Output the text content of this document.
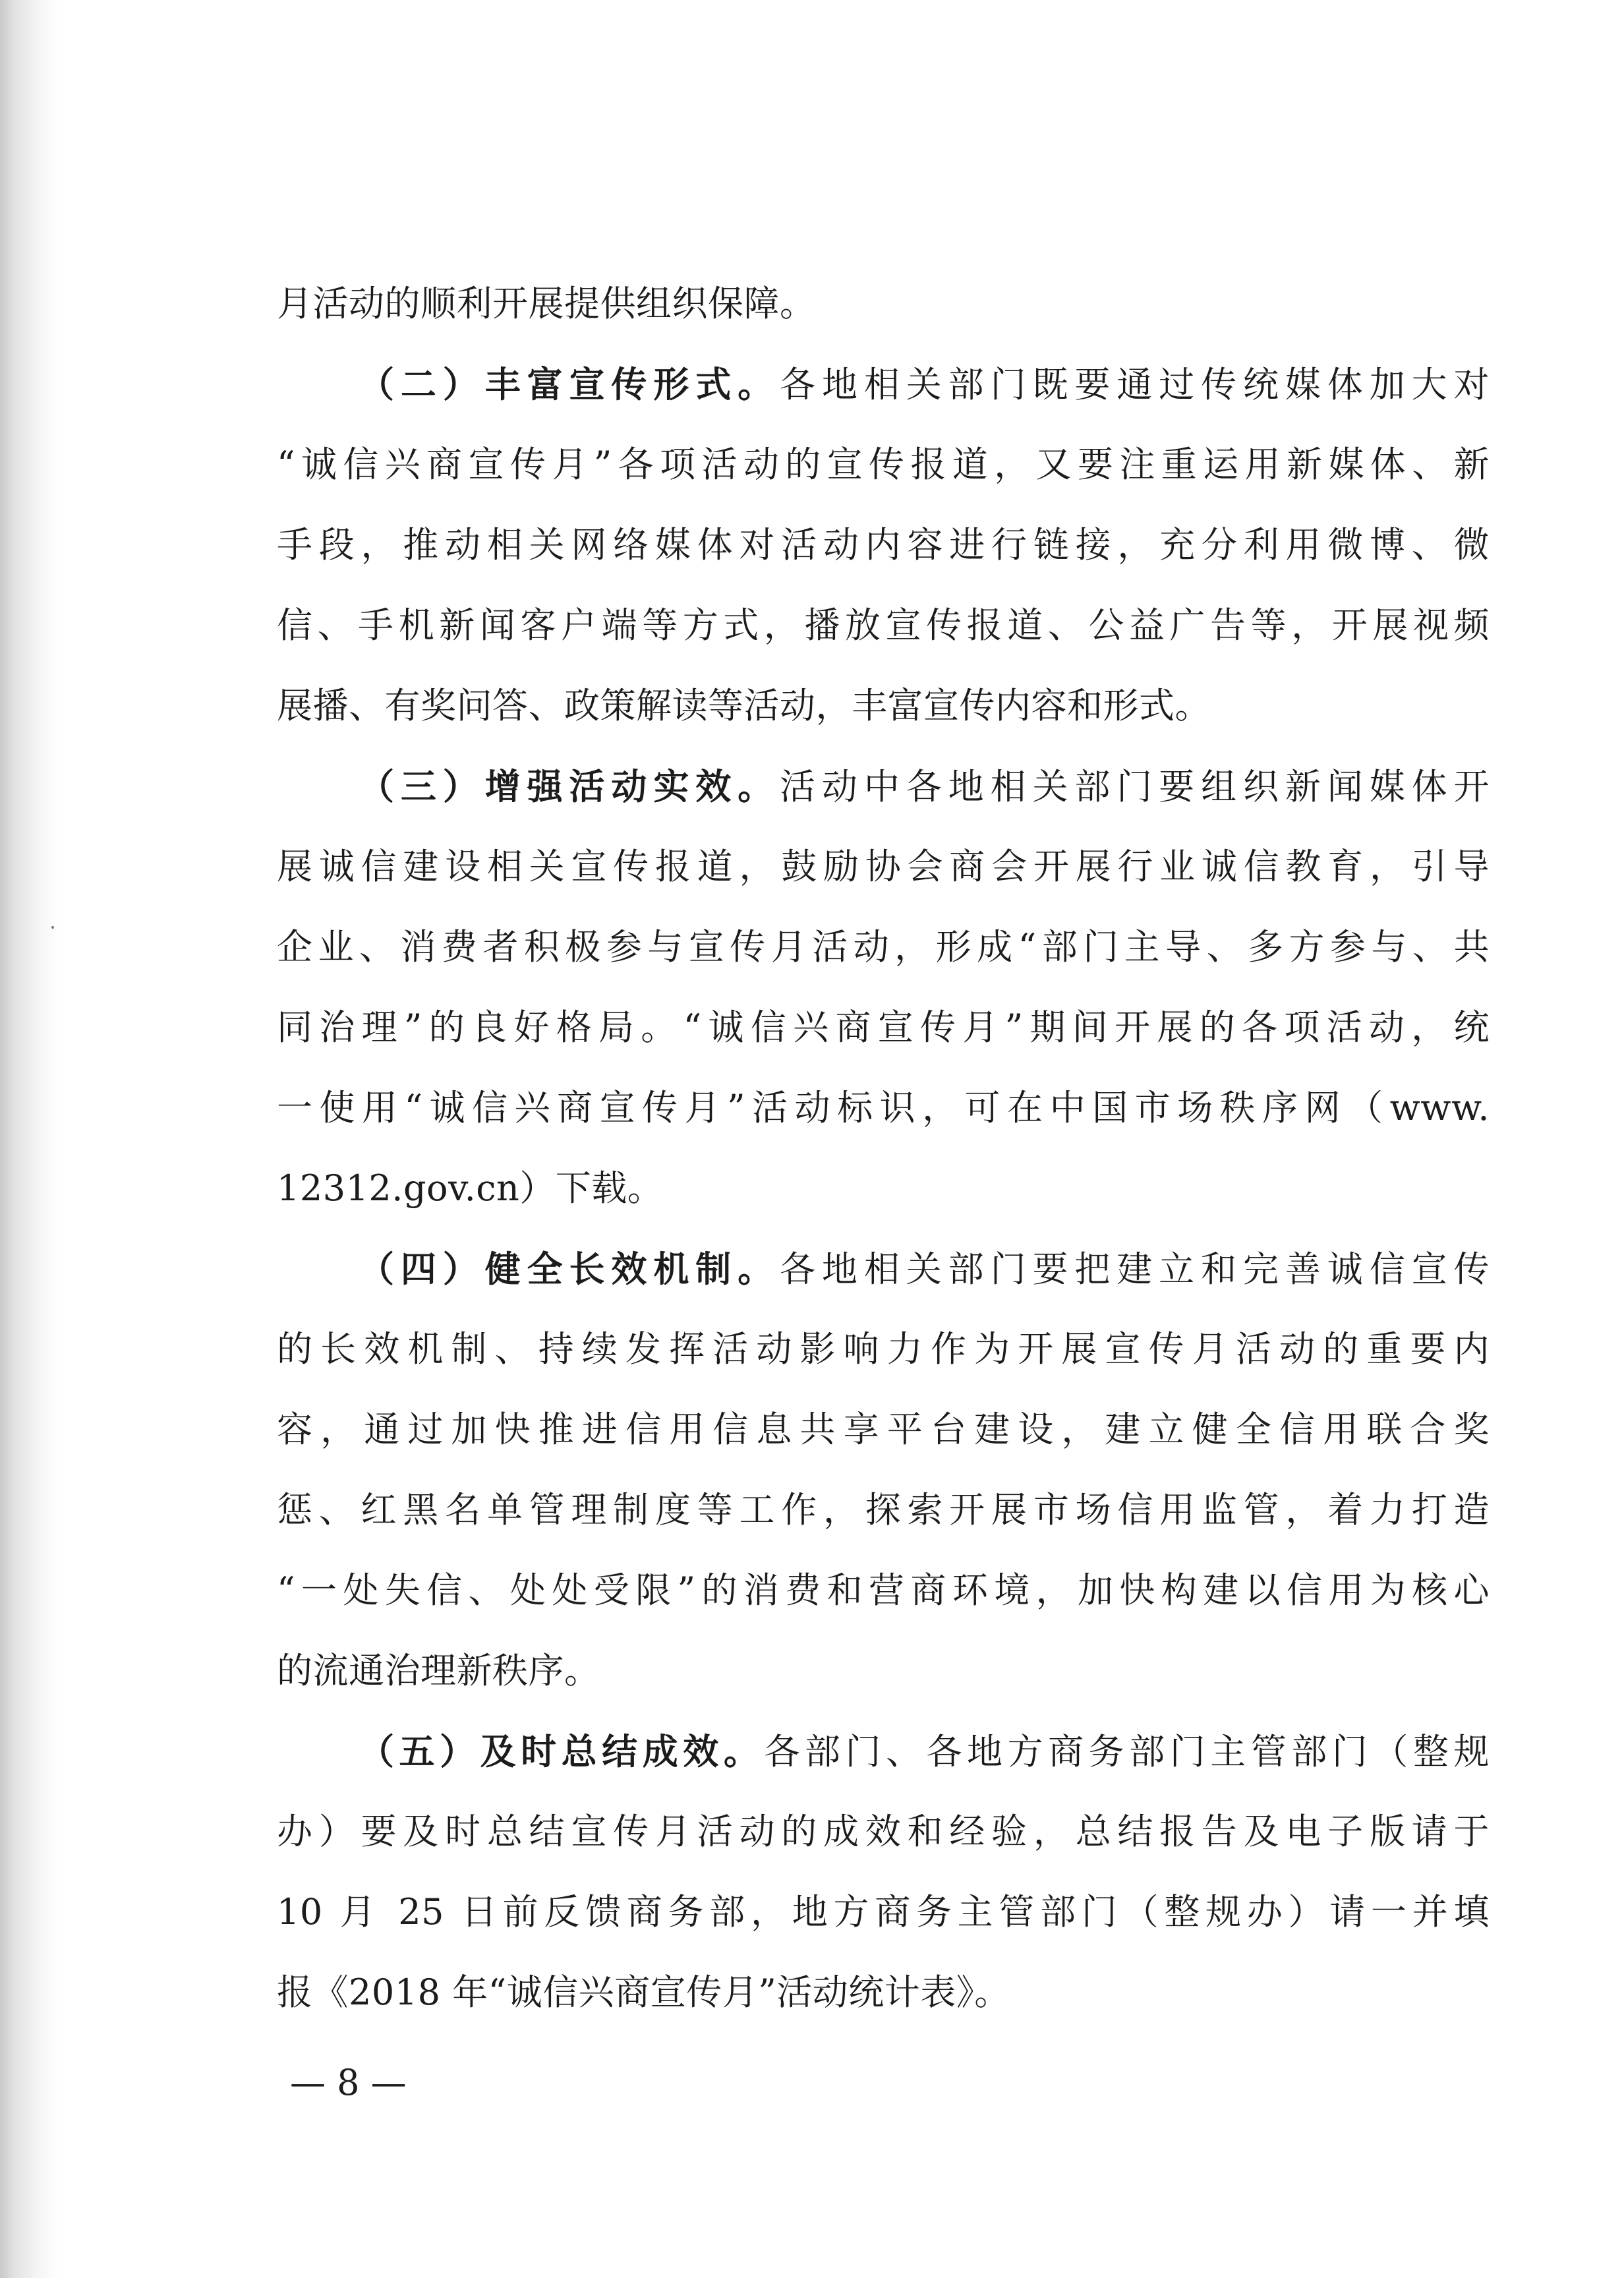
月活动的顺利开展提供组织保障。
（二）丰富宣传形式。各地相关部门既要通过传统媒体加大对
“诚信兴商宣传月”各项活动的宣传报道，又要注重运用新媒体、新
手段，推动相关网络媒体对活动内容进行链接，充分利用微博、微
信、手机新闻客户端等方式，播放宣传报道、公益广告等，开展视频
展播、有奖问答、政策解读等活动，丰富宣传内容和形式。
（三）增强活动实效。活动中各地相关部门要组织新闻媒体开
展诚信建设相关宣传报道，鼓励协会商会开展行业诚信教育，引导
企业、消费者积极参与宣传月活动，形成“部门主导、多方参与、共
同治理”的良好格局。“诚信兴商宣传月”期间开展的各项活动，统
一使用“诚信兴商宣传月”活动标识，可在中国市场秩序网（www.
12312.gov.cn）下载。
（四）健全长效机制。各地相关部门要把建立和完善诚信宣传
的长效机制、持续发挥活动影响力作为开展宣传月活动的重要内
容，通过加快推进信用信息共享平台建设，建立健全信用联合奖
惩、红黑名单管理制度等工作，探索开展市场信用监管，着力打造
“一处失信、处处受限”的消费和营商环境，加快构建以信用为核心
的流通治理新秩序。
（五）及时总结成效。各部门、各地方商务部门主管部门（整规
办）要及时总结宣传月活动的成效和经验，总结报告及电子版请于
10 月 25 日前反馈商务部，地方商务主管部门（整规办）请一并填
报《2018 年“诚信兴商宣传月”活动统计表》。
— 8 —
